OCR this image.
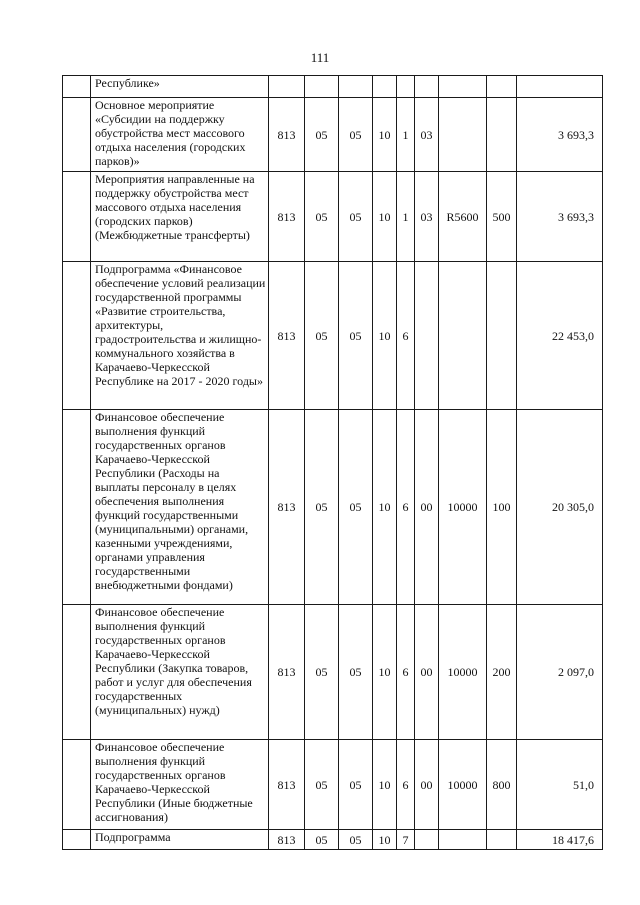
111
	Республике»									
	Основное мероприятие «Субсидии на поддержку обустройства мест массового отдыха населения (городских парков)»	813	05	05	10	1	03			3 693,3
	Мероприятия направленные на поддержку обустройства мест массового отдыха населения (городских парков) (Межбюджетные трансферты)	813	05	05	10	1	03	R5600	500	3 693,3
	Подпрограмма «Финансовое обеспечение условий реализации государственной программы «Развитие строительства, архитектуры, градостроительства и жилищно-коммунального хозяйства в Карачаево-Черкесской Республике на 2017 - 2020 годы»	813	05	05	10	6				22 453,0
	Финансовое обеспечение выполнения функций государственных органов Карачаево-Черкесской Республики (Расходы на выплаты персоналу в целях обеспечения выполнения функций государственными (муниципальными) органами, казенными учреждениями, органами управления государственными внебюджетными фондами)	813	05	05	10	6	00	10000	100	20 305,0
	Финансовое обеспечение выполнения функций государственных органов Карачаево-Черкесской Республики (Закупка товаров, работ и услуг для обеспечения государственных (муниципальных) нужд)	813	05	05	10	6	00	10000	200	2 097,0
	Финансовое обеспечение выполнения функций государственных органов Карачаево-Черкесской Республики (Иные бюджетные ассигнования)	813	05	05	10	6	00	10000	800	51,0
	Подпрограмма	813	05	05	10	7				18 417,6
